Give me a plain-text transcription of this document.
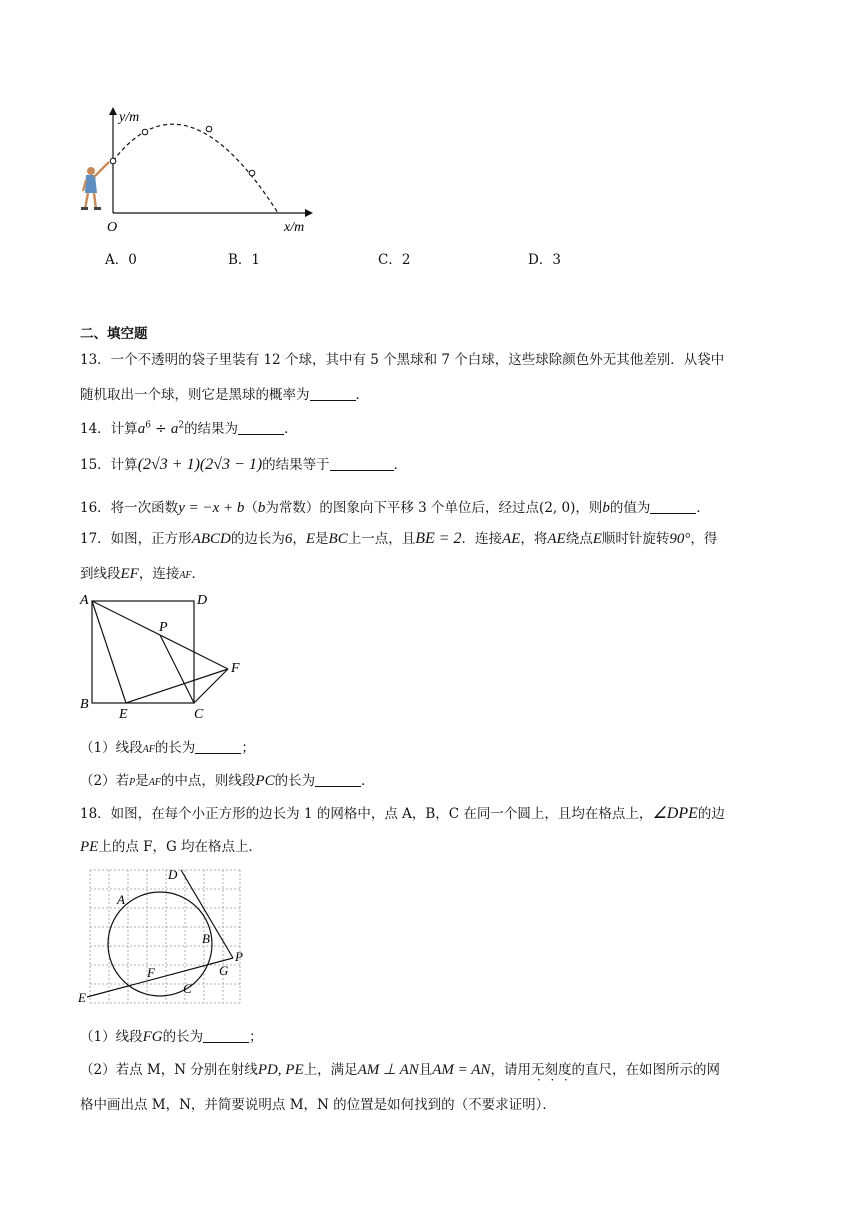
y/m
x/m
O
A．0	B．1	C．2	D．3
二、填空题
13．一个不透明的袋子里装有 12 个球，其中有 5 个黑球和 7 个白球，这些球除颜色外无其他差别．从袋中
随机取出一个球，则它是黑球的概率为	．
14．计算$a^6 \div a^2$的结果为	．
15．计算(2√3 + 1)(2√3 − 1)的结果等于	．
16．将一次函数y = −x + b（b为常数）的图象向下平移 3 个单位后，经过点(2, 0)，则b的值为	．
17．如图，正方形ABCD的边长为6，E是BC上一点，且BE = 2．连接AE，将AE绕点E顺时针旋转90°，得
到线段EF，连接AF．
A	D
P
F
B
E	C
（1）线段AF的长为	；
（2）若P是AF的中点，则线段PC的长为	．
18．如图，在每个小正方形的边长为 1 的网格中，点 A，B，C 在同一个圆上，且均在格点上，∠DPE的边
PE上的点 F，G 均在格点上．
D
A
B
P
G
F
C
E
（1）线段FG的长为	；
（2）若点 M，N 分别在射线PD, PE上，满足AM ⊥ AN且AM = AN，请用无刻度的直尺，在如图所示的网
格中画出点 M，N，并简要说明点 M，N 的位置是如何找到的（不要求证明）．
